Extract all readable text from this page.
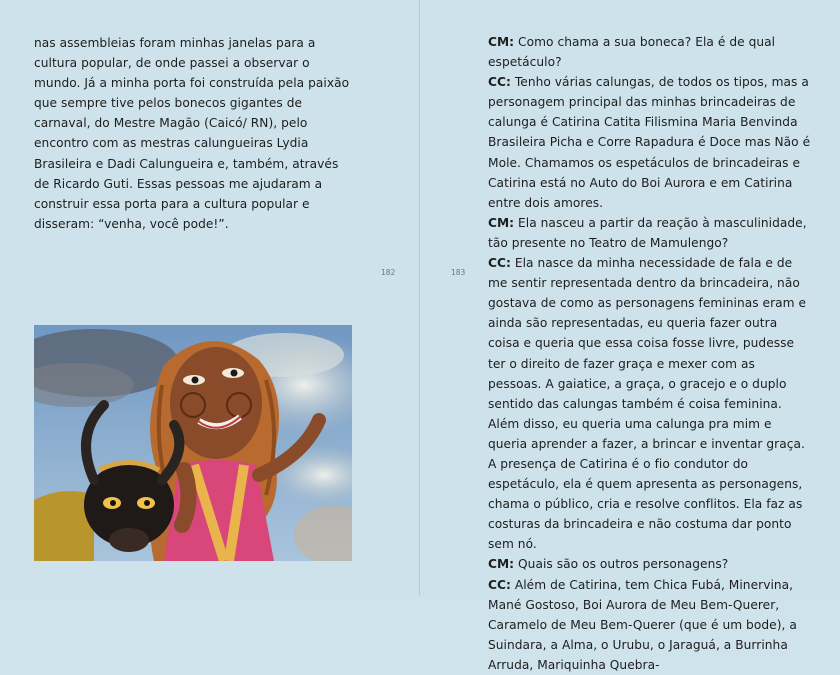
nas assembleias foram minhas janelas para a cultura popular, de onde passei a observar o mundo. Já a minha porta foi construída pela paixão que sempre tive pelos bonecos gigantes de carnaval, do Mestre Magão (Caicó/ RN), pelo encontro com as mestras calungueiras Lydia Brasileira e Dadi Calungueira e, também, através de Ricardo Guti. Essas pessoas me ajudaram a construir essa porta para a cultura popular e disseram: “venha, você pode!”.

182	183

CM: Como chama a sua boneca? Ela é de qual espetáculo?

CC: Tenho várias calungas, de todos os tipos, mas a personagem principal das minhas brincadeiras de calunga é Catirina Catita Filismina Maria Benvinda Brasileira Picha e Corre Rapadura é Doce mas Não é Mole. Chamamos os espetáculos de brincadeiras e Catirina está no Auto do Boi Aurora e em Catirina entre dois amores.

CM: Ela nasceu a partir da reação à masculinidade, tão presente no Teatro de Mamulengo?

CC: Ela nasce da minha necessidade de fala e de me sentir representada dentro da brincadeira, não gostava de como as personagens femininas eram e ainda são representadas, eu queria fazer outra coisa e queria que essa coisa fosse livre, pudesse ter o direito de fazer graça e mexer com as pessoas. A gaiatice, a graça, o gracejo e o duplo sentido das calungas também é coisa feminina. Além disso, eu queria uma calunga pra mim e queria aprender a fazer, a brincar e inventar graça. A presença de Catirina é o fio condutor do espetáculo, ela é quem apresenta as personagens, chama o público, cria e resolve conflitos. Ela faz as costuras da brincadeira e não costuma dar ponto sem nó.

CM: Quais são os outros personagens?

CC: Além de Catirina, tem Chica Fubá, Minervina, Mané Gostoso, Boi Aurora de Meu Bem-Querer, Caramelo de Meu Bem-Querer (que é um bode), a Suindara, a Alma, o Urubu, o Jaraguá, a Burrinha Arruda, Mariquinha Quebra-
